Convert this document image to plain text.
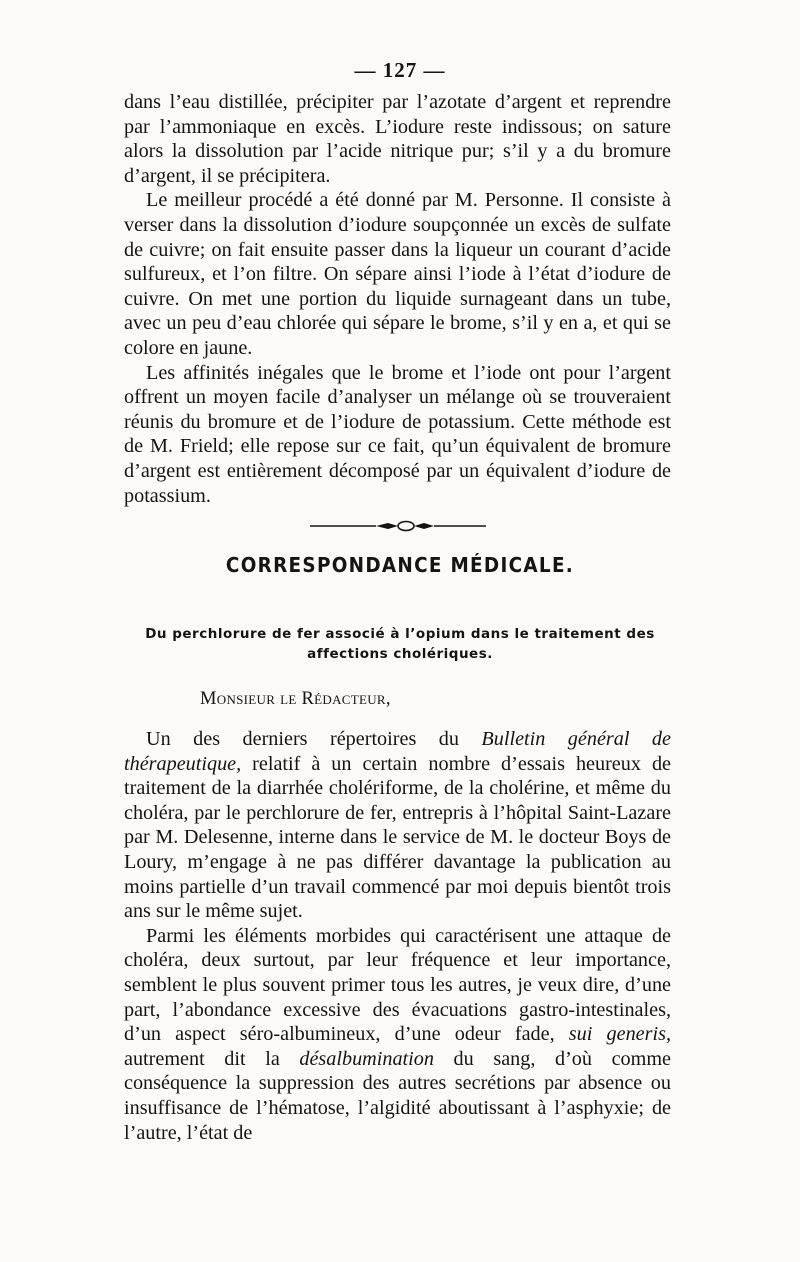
— 127 —

dans l’eau distillée, précipiter par l’azotate d’argent et reprendre par l’ammoniaque en excès. L’iodure reste indissous; on sature alors la dissolution par l’acide nitrique pur; s’il y a du bromure d’argent, il se précipitera.

Le meilleur procédé a été donné par M. Personne. Il consiste à verser dans la dissolution d’iodure soupçonnée un excès de sulfate de cuivre; on fait ensuite passer dans la liqueur un courant d’acide sulfureux, et l’on filtre. On sépare ainsi l’iode à l’état d’iodure de cuivre. On met une portion du liquide surnageant dans un tube, avec un peu d’eau chlorée qui sépare le brome, s’il y en a, et qui se colore en jaune.

Les affinités inégales que le brome et l’iode ont pour l’argent offrent un moyen facile d’analyser un mélange où se trouveraient réunis du bromure et de l’iodure de potassium. Cette méthode est de M. Frield; elle repose sur ce fait, qu’un équivalent de bromure d’argent est entièrement décomposé par un équivalent d’iodure de potassium.

CORRESPONDANCE MÉDICALE.
Du perchlorure de fer associé à l’opium dans le traitement des affections cholériques.
Monsieur le Rédacteur,

Un des derniers répertoires du Bulletin général de thérapeutique, relatif à un certain nombre d’essais heureux de traitement de la diarrhée cholériforme, de la cholérine, et même du choléra, par le perchlorure de fer, entrepris à l’hôpital Saint-Lazare par M. Delesenne, interne dans le service de M. le docteur Boys de Loury, m’engage à ne pas différer davantage la publication au moins partielle d’un travail commencé par moi depuis bientôt trois ans sur le même sujet.

Parmi les éléments morbides qui caractérisent une attaque de choléra, deux surtout, par leur fréquence et leur importance, semblent le plus souvent primer tous les autres, je veux dire, d’une part, l’abondance excessive des évacuations gastro-intestinales, d’un aspect séro-albumineux, d’une odeur fade, sui generis, autrement dit la désalbumination du sang, d’où comme conséquence la suppression des autres secrétions par absence ou insuffisance de l’hématose, l’algidité aboutissant à l’asphyxie; de l’autre, l’état de
